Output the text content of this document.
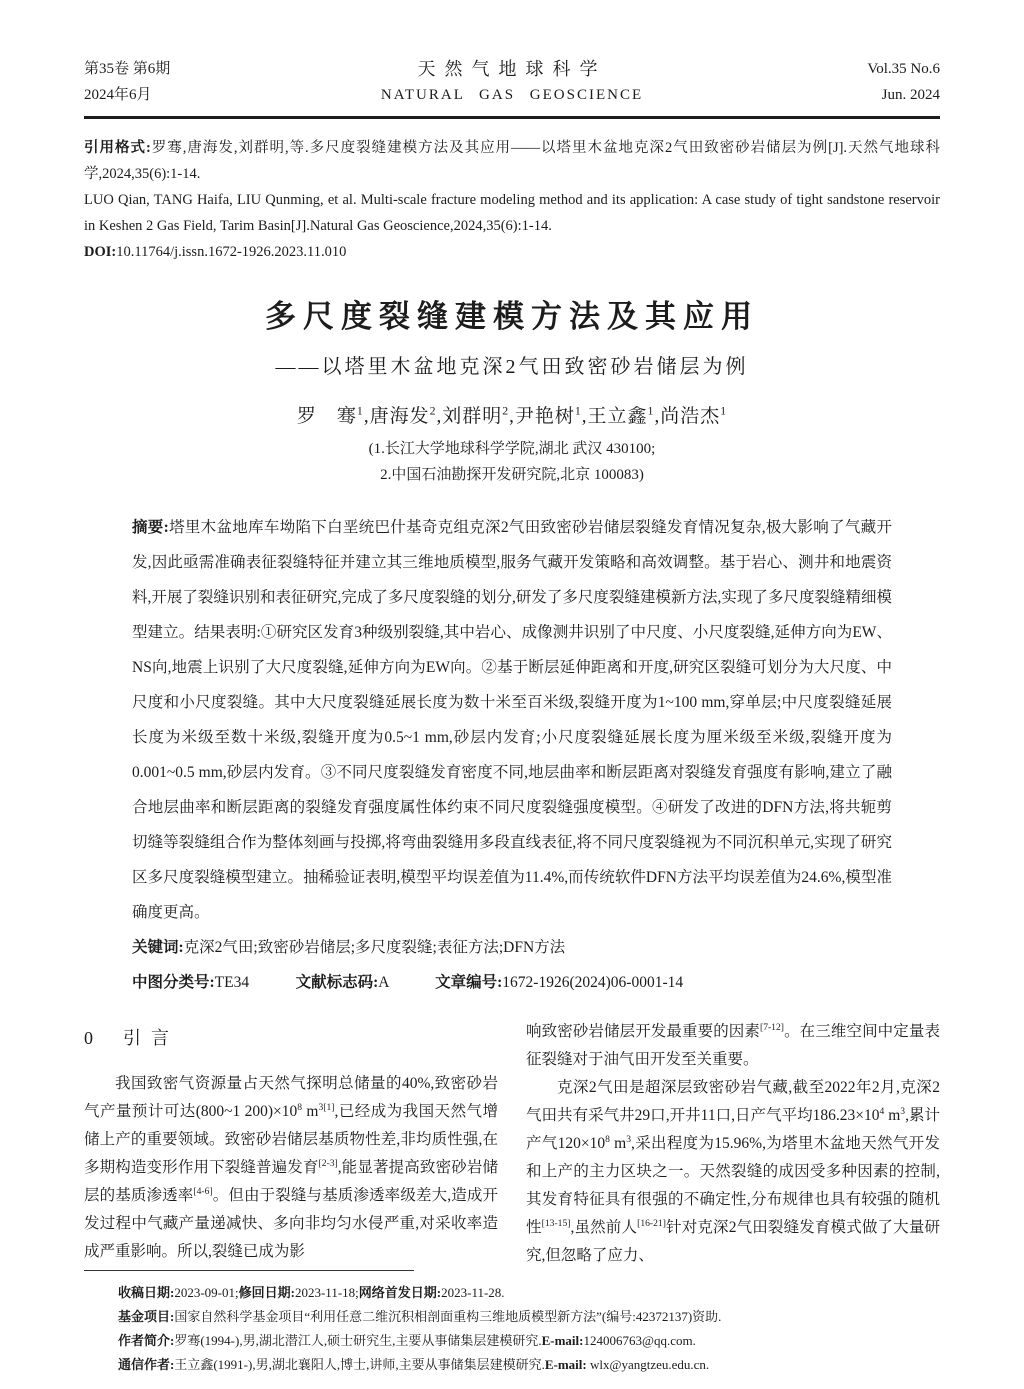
第35卷 第6期
2024年6月
天然气地球科学
NATURAL GAS GEOSCIENCE
Vol.35 No.6
Jun. 2024

引用格式:罗骞,唐海发,刘群明,等.多尺度裂缝建模方法及其应用——以塔里木盆地克深2气田致密砂岩储层为例[J].天然气地球科学,2024,35(6):1-14.

LUO Qian, TANG Haifa, LIU Qunming, et al. Multi-scale fracture modeling method and its application: A case study of tight sandstone reservoir in Keshen 2 Gas Field, Tarim Basin[J].Natural Gas Geoscience,2024,35(6):1-14.

DOI:10.11764/j.issn.1672-1926.2023.11.010

多尺度裂缝建模方法及其应用
——以塔里木盆地克深2气田致密砂岩储层为例
罗　骞$^1$,唐海发$^2$,刘群明$^2$,尹艳树$^1$,王立鑫$^1$,尚浩杰$^1$
(1.长江大学地球科学学院,湖北 武汉 430100;
2.中国石油勘探开发研究院,北京 100083)

摘要:塔里木盆地库车坳陷下白垩统巴什基奇克组克深2气田致密砂岩储层裂缝发育情况复杂,极大影响了气藏开发,因此亟需准确表征裂缝特征并建立其三维地质模型,服务气藏开发策略和高效调整。基于岩心、测井和地震资料,开展了裂缝识别和表征研究,完成了多尺度裂缝的划分,研发了多尺度裂缝建模新方法,实现了多尺度裂缝精细模型建立。结果表明:①研究区发育3种级别裂缝,其中岩心、成像测井识别了中尺度、小尺度裂缝,延伸方向为EW、NS向,地震上识别了大尺度裂缝,延伸方向为EW向。②基于断层延伸距离和开度,研究区裂缝可划分为大尺度、中尺度和小尺度裂缝。其中大尺度裂缝延展长度为数十米至百米级,裂缝开度为1~100 mm,穿单层;中尺度裂缝延展长度为米级至数十米级,裂缝开度为0.5~1 mm,砂层内发育;小尺度裂缝延展长度为厘米级至米级,裂缝开度为0.001~0.5 mm,砂层内发育。③不同尺度裂缝发育密度不同,地层曲率和断层距离对裂缝发育强度有影响,建立了融合地层曲率和断层距离的裂缝发育强度属性体约束不同尺度裂缝强度模型。④研发了改进的DFN方法,将共轭剪切缝等裂缝组合作为整体刻画与投掷,将弯曲裂缝用多段直线表征,将不同尺度裂缝视为不同沉积单元,实现了研究区多尺度裂缝模型建立。抽稀验证表明,模型平均误差值为11.4%,而传统软件DFN方法平均误差值为24.6%,模型准确度更高。

关键词:克深2气田;致密砂岩储层;多尺度裂缝;表征方法;DFN方法

中图分类号:TE34　　　文献标志码:A　　　文章编号:1672-1926(2024)06-0001-14

0 引言

我国致密气资源量占天然气探明总储量的40%,致密砂岩气产量预计可达(800~1 $200)\times 10^8$ $m^{3[1]}$,已经成为我国天然气增储上产的重要领域。致密砂岩储层基质物性差,非均质性强,在多期构造变形作用下裂缝普遍发育[2-3],能显著提高致密砂岩储层的基质渗透率[4-6]。但由于裂缝与基质渗透率级差大,造成开发过程中气藏产量递减快、多向非均匀水侵严重,对采收率造成严重影响。所以,裂缝已成为影

响致密砂岩储层开发最重要的因素[7-12]。在三维空间中定量表征裂缝对于油气田开发至关重要。

克深2气田是超深层致密砂岩气藏,截至2022年2月,克深2气田共有采气井29口,开井11口,日产气平均$186.23\times 10^4$ $m^3$,累计产气$120\times 10^8$ $m^3$,采出程度为15.96%,为塔里木盆地天然气开发和上产的主力区块之一。天然裂缝的成因受多种因素的控制,其发育特征具有很强的不确定性,分布规律也具有较强的随机性[13-15],虽然前人[16-21]针对克深2气田裂缝发育模式做了大量研究,但忽略了应力、

收稿日期:2023-09-01;修回日期:2023-11-18;网络首发日期:2023-11-28.

基金项目:国家自然科学基金项目“利用任意二维沉积相剖面重构三维地质模型新方法”(编号:42372137)资助.

作者简介:罗骞(1994-),男,湖北潜江人,硕士研究生,主要从事储集层建模研究.E-mail:124006763@qq.com.

通信作者:王立鑫(1991-),男,湖北襄阳人,博士,讲师,主要从事储集层建模研究.E-mail: wlx@yangtzeu.edu.cn.
